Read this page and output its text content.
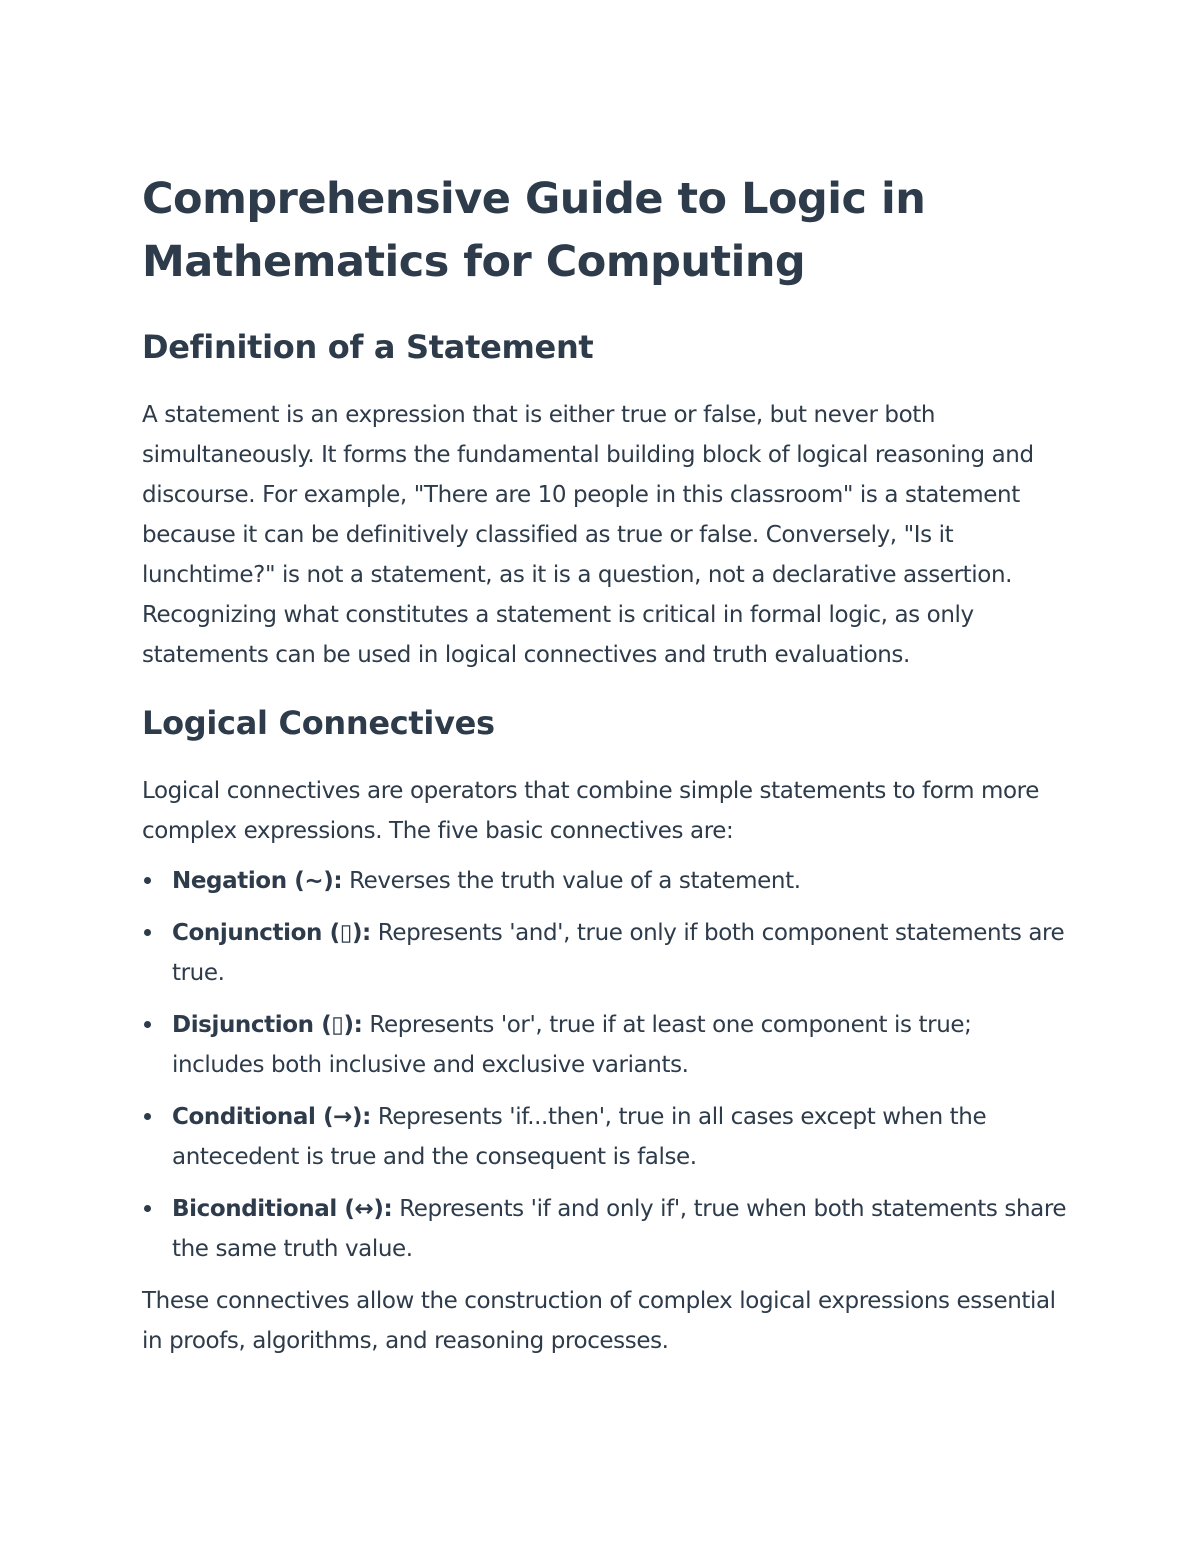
Comprehensive Guide to Logic in Mathematics for Computing
Definition of a Statement

A statement is an expression that is either true or false, but never both simultaneously. It forms the fundamental building block of logical reasoning and discourse. For example, "There are 10 people in this classroom" is a statement because it can be definitively classified as true or false. Conversely, "Is it lunchtime?" is not a statement, as it is a question, not a declarative assertion. Recognizing what constitutes a statement is critical in formal logic, as only statements can be used in logical connectives and truth evaluations.

Logical Connectives

Logical connectives are operators that combine simple statements to form more complex expressions. The five basic connectives are:

Negation (~): Reverses the truth value of a statement.
Conjunction (▯): Represents 'and', true only if both component statements are true.
Disjunction (▯): Represents 'or', true if at least one component is true; includes both inclusive and exclusive variants.
Conditional (→): Represents 'if...then', true in all cases except when the antecedent is true and the consequent is false.
Biconditional (↔): Represents 'if and only if', true when both statements share the same truth value.

These connectives allow the construction of complex logical expressions essential in proofs, algorithms, and reasoning processes.
